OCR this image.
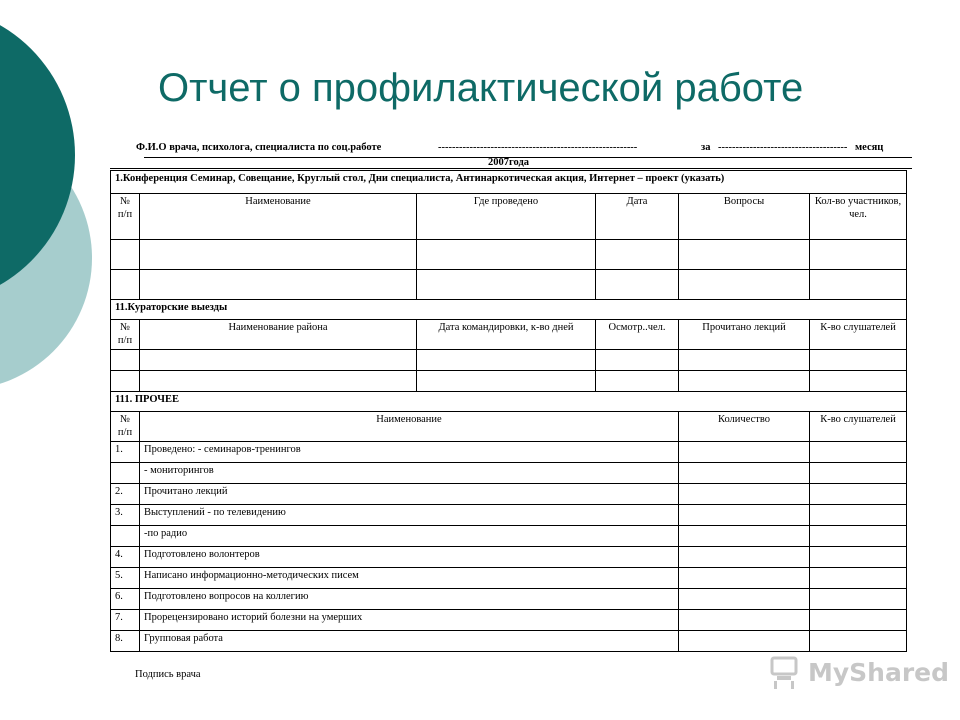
Отчет о профилактической работе
Ф.И.О врача, психолога, специалиста по соц.работе	---------------------------------------------------------	за ------------------------------------- месяц
2007года
1.Конференция Семинар, Совещание, Круглый стол, Дни специалиста, Антинаркотическая акция, Интернет – проект (указать)					
№ п/п	Наименование	Где проведено	Дата	Вопросы	Кол-во участников, чел.

11.Кураторские выезды					
№ п/п	Наименование района	Дата командировки, к-во дней	Осмотр..чел.	Прочитано лекций	К-во слушателей

111. ПРОЧЕЕ					
№ п/п	Наименование			Количество	К-во слушателей
1.	Проведено: - семинаров-тренингов				
	- мониторингов				
2.	Прочитано лекций				
3.	Выступлений - по телевидению				
	-по радио				
4.	Подготовлено волонтеров				
5.	Написано информационно-методических писем				
6.	Подготовлено вопросов на коллегию				
7.	Прорецензировано историй болезни на умерших				
8.	Групповая работа				
Подпись врача	MyShared
